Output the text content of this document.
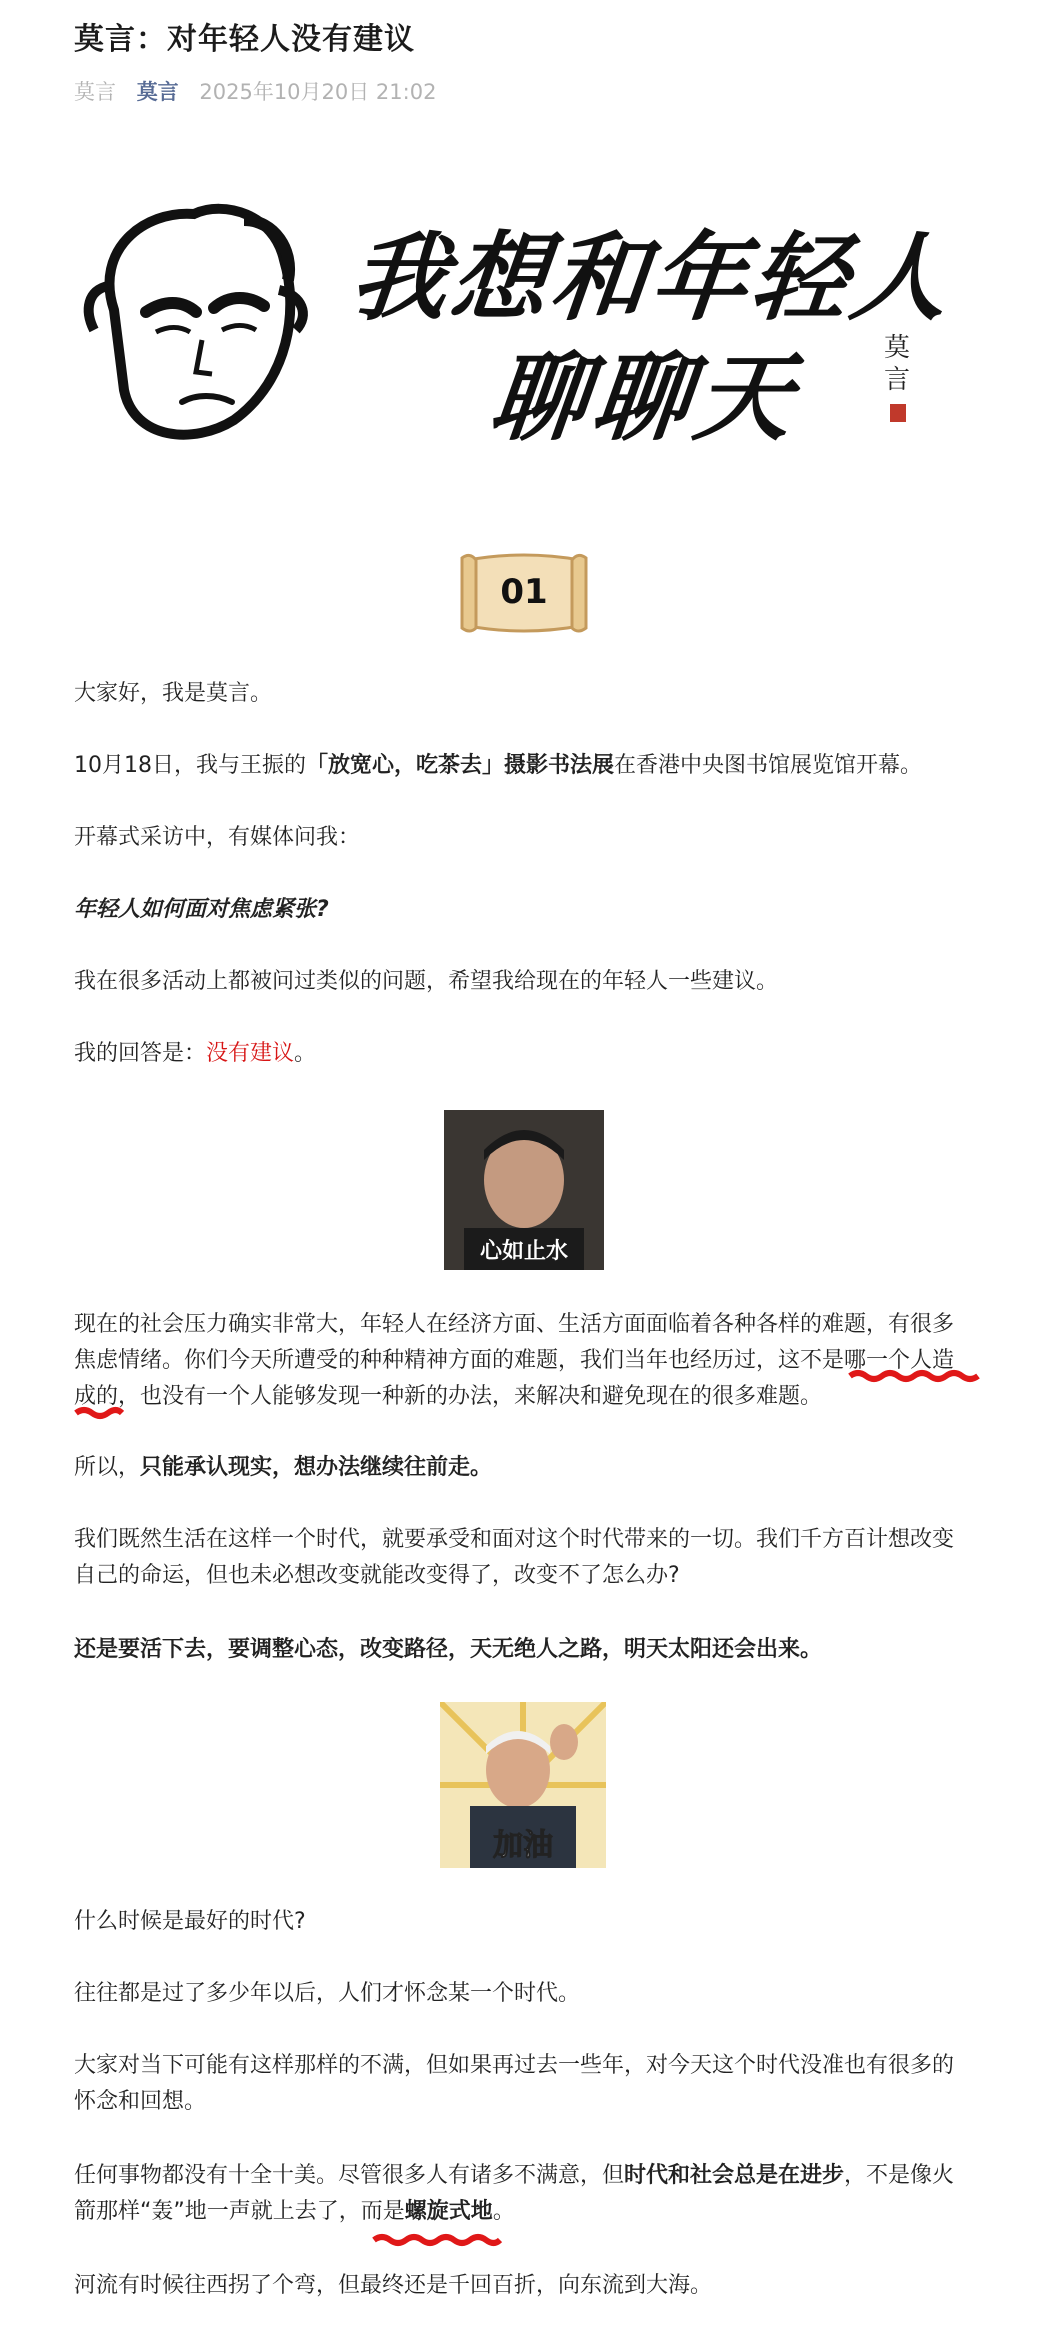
莫言：对年轻人没有建议
莫言 莫言 2025年10月20日 21:02
我想和年轻人
聊聊天	莫言
01

大家好，我是莫言。

10月18日，我与王振的「放宽心，吃茶去」摄影书法展在香港中央图书馆展览馆开幕。

开幕式采访中，有媒体问我：

年轻人如何面对焦虑紧张?

我在很多活动上都被问过类似的问题，希望我给现在的年轻人一些建议。

我的回答是：没有建议。

心如止水

现在的社会压力确实非常大，年轻人在经济方面、生活方面面临着各种各样的难题，有很多焦虑情绪。你们今天所遭受的种种精神方面的难题，我们当年也经历过，这不是哪一个人造成的，也没有一个人能够发现一种新的办法，来解决和避免现在的很多难题。

所以，只能承认现实，想办法继续往前走。

我们既然生活在这样一个时代，就要承受和面对这个时代带来的一切。我们千方百计想改变自己的命运，但也未必想改变就能改变得了，改变不了怎么办?

还是要活下去，要调整心态，改变路径，天无绝人之路，明天太阳还会出来。

加油

什么时候是最好的时代?

往往都是过了多少年以后，人们才怀念某一个时代。

大家对当下可能有这样那样的不满，但如果再过去一些年，对今天这个时代没准也有很多的怀念和回想。

任何事物都没有十全十美。尽管很多人有诸多不满意，但时代和社会总是在进步，不是像火箭那样“轰”地一声就上去了，而是螺旋式地。

河流有时候往西拐了个弯，但最终还是千回百折，向东流到大海。
